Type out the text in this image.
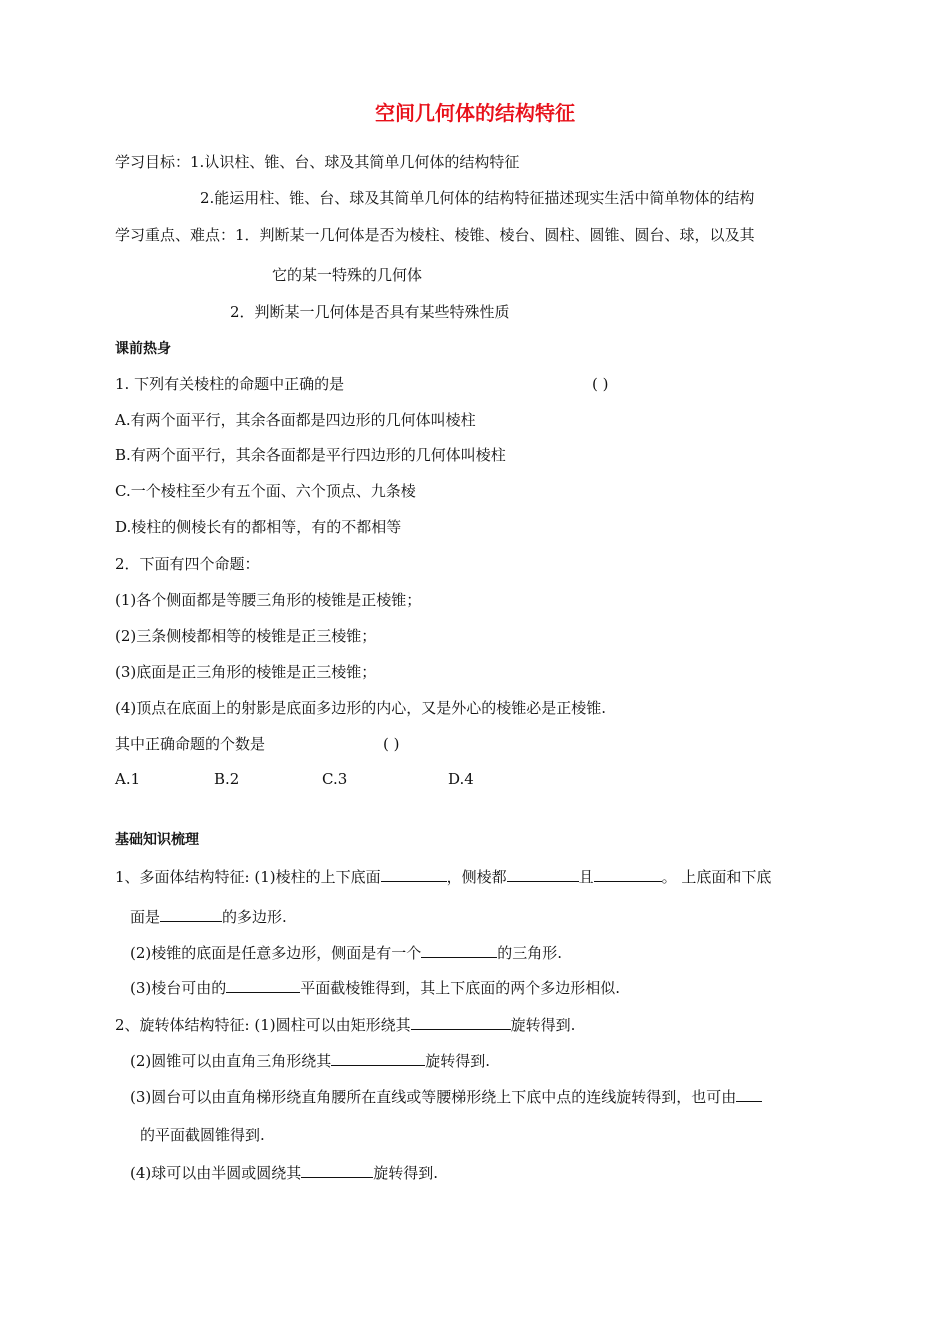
空间几何体的结构特征
学习目标：1.认识柱、锥、台、球及其简单几何体的结构特征
2.能运用柱、锥、台、球及其简单几何体的结构特征描述现实生活中简单物体的结构
学习重点、难点：1．判断某一几何体是否为棱柱、棱锥、棱台、圆柱、圆锥、圆台、球，以及其
它的某一特殊的几何体
2．判断某一几何体是否具有某些特殊性质
课前热身
1. 下列有关棱柱的命题中正确的是	( )
A.有两个面平行，其余各面都是四边形的几何体叫棱柱
B.有两个面平行，其余各面都是平行四边形的几何体叫棱柱
C.一个棱柱至少有五个面、六个顶点、九条棱
D.棱柱的侧棱长有的都相等，有的不都相等
2．下面有四个命题：
(1)各个侧面都是等腰三角形的棱锥是正棱锥；
(2)三条侧棱都相等的棱锥是正三棱锥；
(3)底面是正三角形的棱锥是正三棱锥；
(4)顶点在底面上的射影是底面多边形的内心，又是外心的棱锥必是正棱锥.
其中正确命题的个数是	( )
A.1	B.2	C.3	D.4
基础知识梳理
1、多面体结构特征: (1)棱柱的上下底面	，侧棱都	且	。 上底面和下底
面是	的多边形.
(2)棱锥的底面是任意多边形，侧面是有一个	的三角形.
(3)棱台可由的	平面截棱锥得到，其上下底面的两个多边形相似.
2、旋转体结构特征: (1)圆柱可以由矩形绕其	旋转得到.
(2)圆锥可以由直角三角形绕其	旋转得到.
(3)圆台可以由直角梯形绕直角腰所在直线或等腰梯形绕上下底中点的连线旋转得到，也可由
的平面截圆锥得到.
(4)球可以由半圆或圆绕其	旋转得到.
